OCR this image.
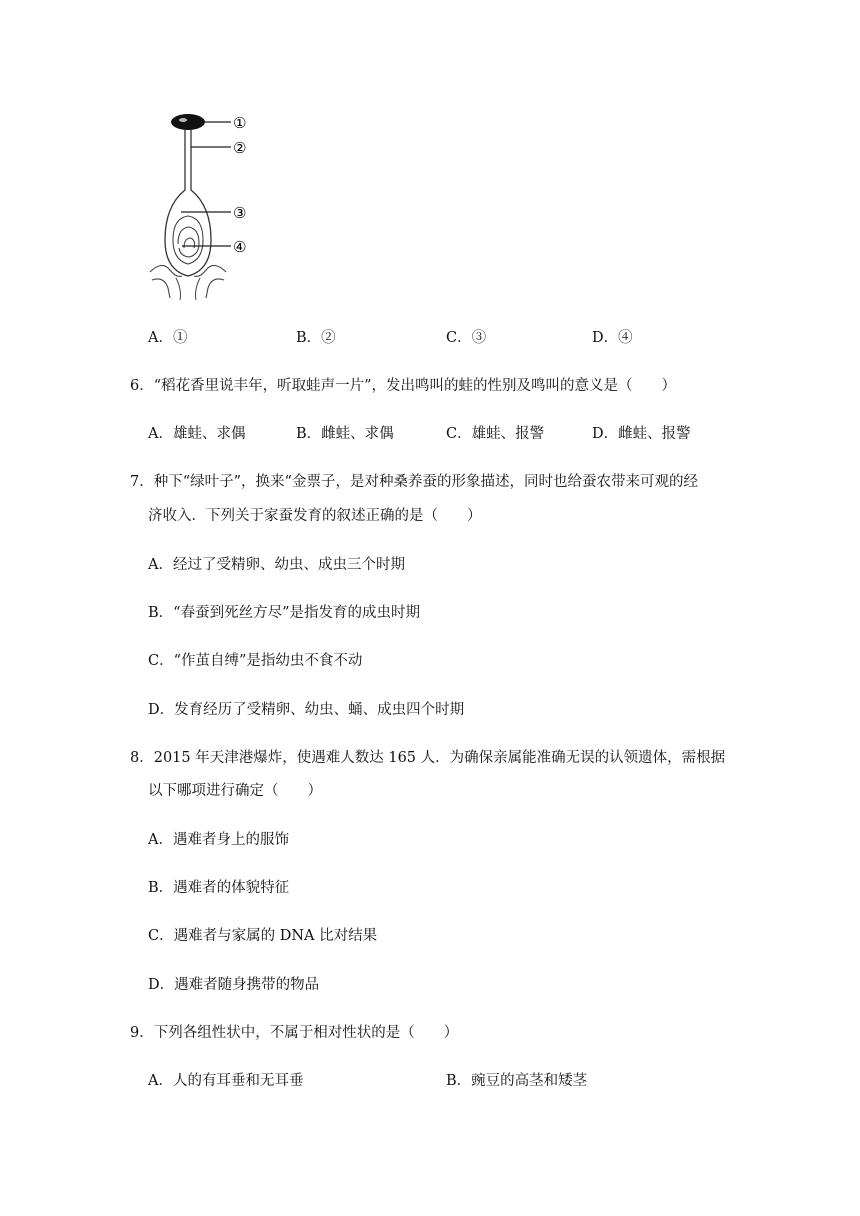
①
②
③
④
A．①	B．②	C．③	D．④
6．“稻花香里说丰年，听取蛙声一片”，发出鸣叫的蛙的性别及鸣叫的意义是（　　）
A．雄蛙、求偶	B．雌蛙、求偶	C．雄蛙、报警	D．雌蛙、报警
7．种下“绿叶子”，换来“金票子，是对种桑养蚕的形象描述，同时也给蚕农带来可观的经
济收入．下列关于家蚕发育的叙述正确的是（　　）
A．经过了受精卵、幼虫、成虫三个时期
B．“春蚕到死丝方尽”是指发育的成虫时期
C．“作茧自缚”是指幼虫不食不动
D．发育经历了受精卵、幼虫、蛹、成虫四个时期
8．2015 年天津港爆炸，使遇难人数达 165 人．为确保亲属能准确无误的认领遗体，需根据
以下哪项进行确定（　　）
A．遇难者身上的服饰
B．遇难者的体貌特征
C．遇难者与家属的 DNA 比对结果
D．遇难者随身携带的物品
9．下列各组性状中，不属于相对性状的是（　　）
A．人的有耳垂和无耳垂	B．豌豆的高茎和矮茎
